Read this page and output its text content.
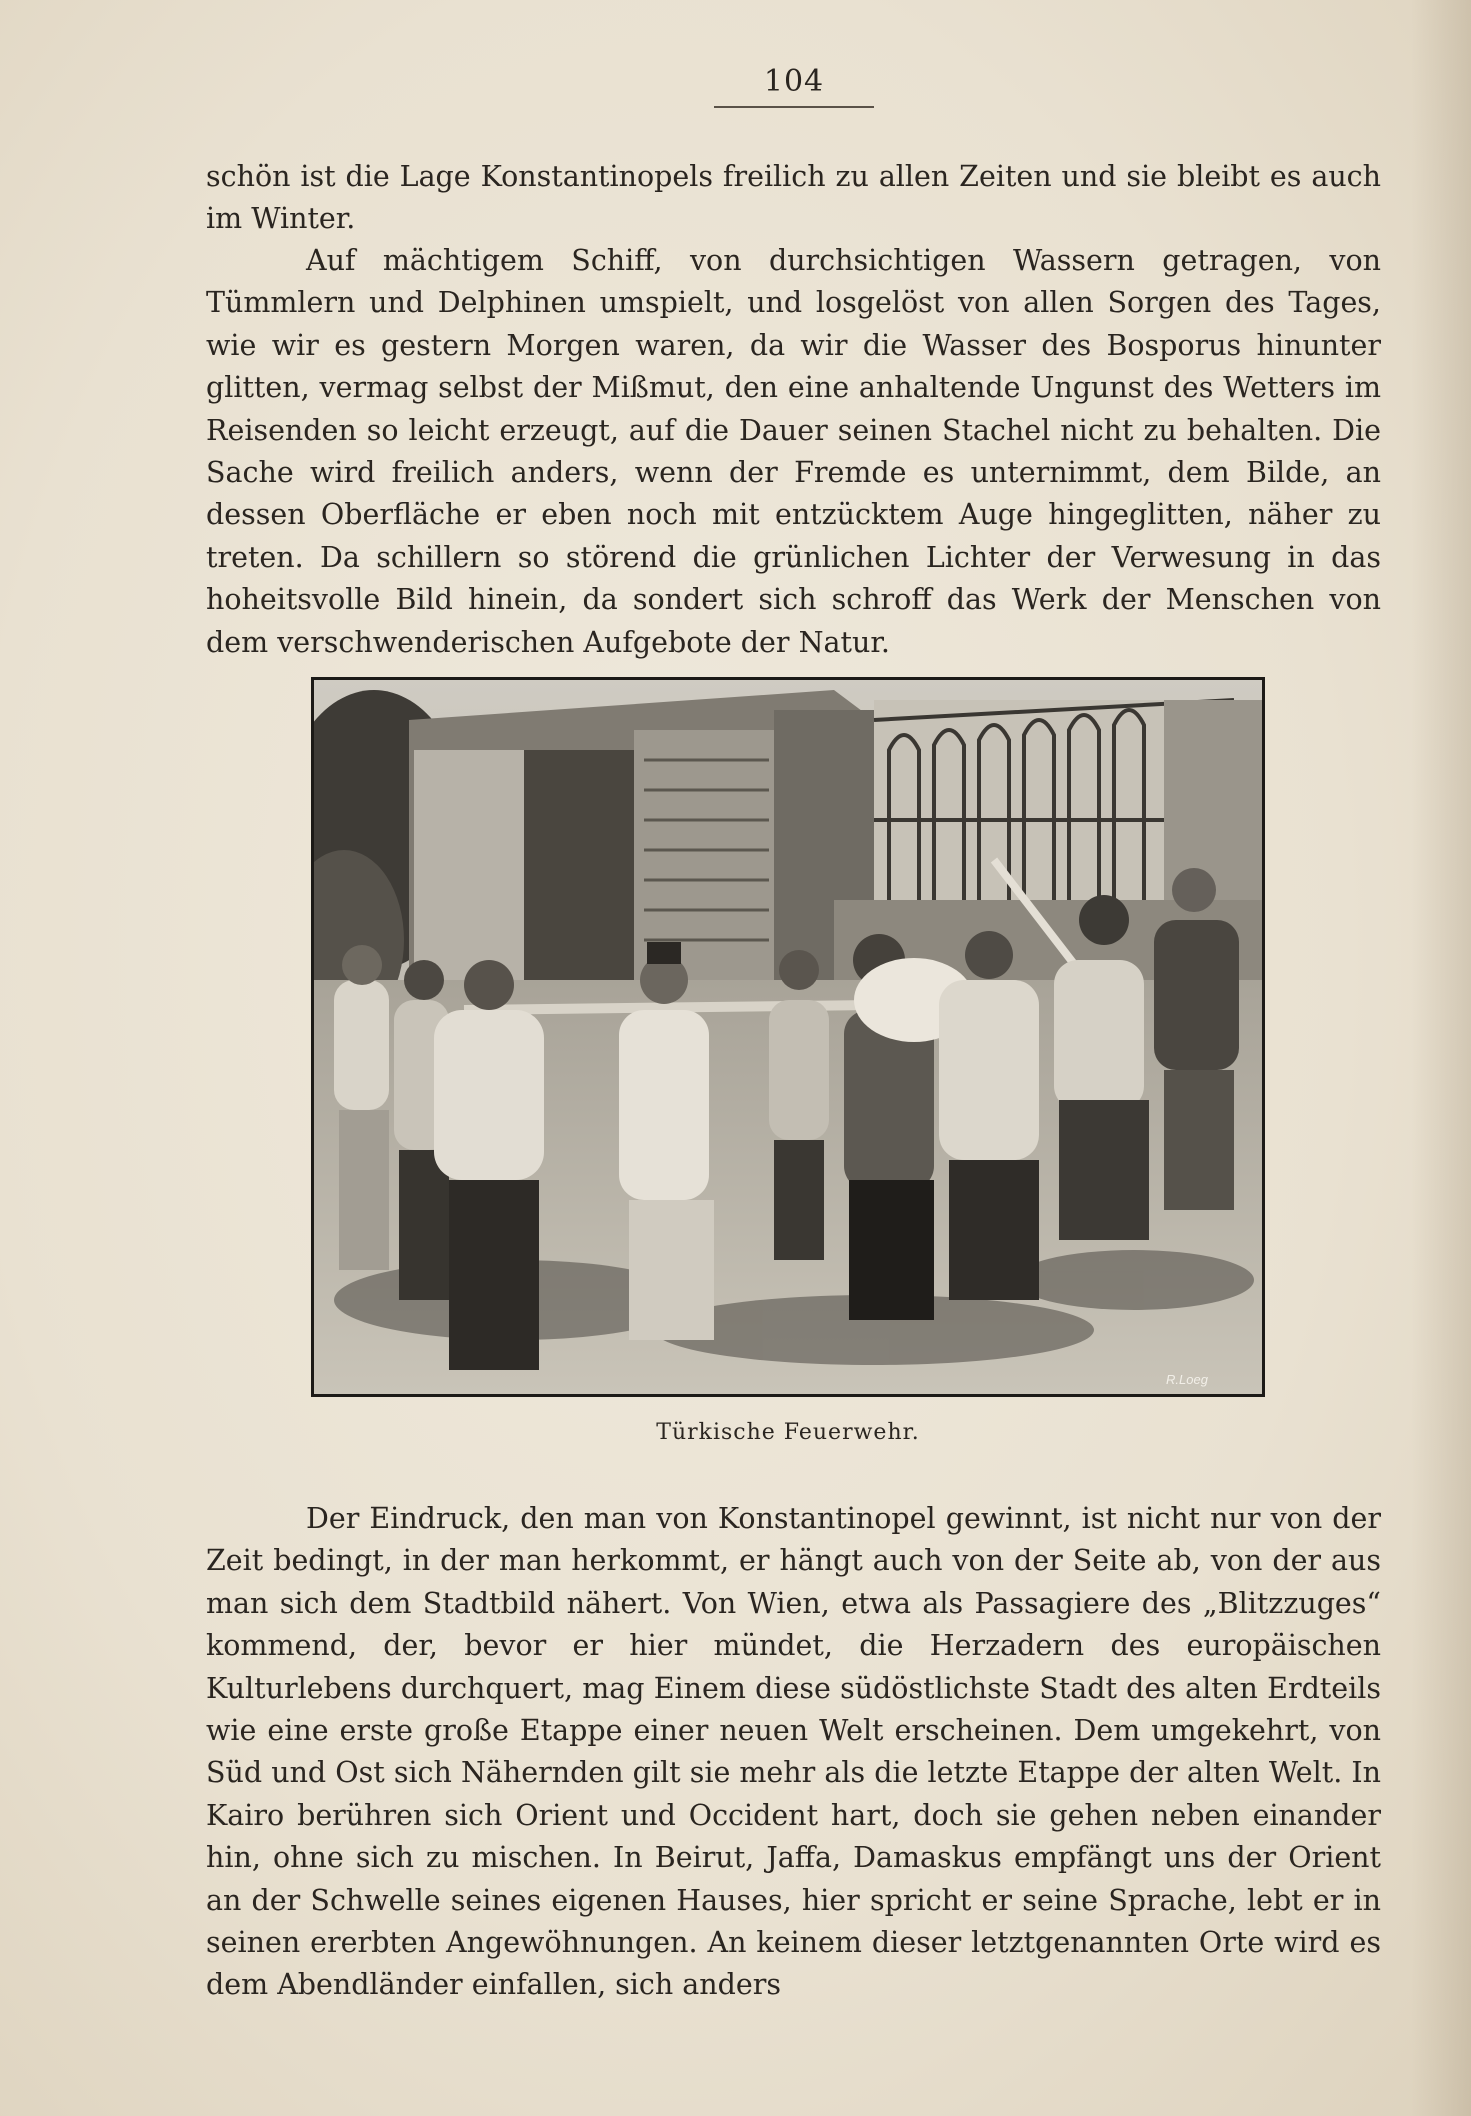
104

schön ist die Lage Konstantinopels freilich zu allen Zeiten und sie bleibt es auch im Winter.

Auf mächtigem Schiff, von durchsichtigen Wassern getragen, von Tümmlern und Delphinen umspielt, und losgelöst von allen Sorgen des Tages, wie wir es gestern Morgen waren, da wir die Wasser des Bosporus hinunter glitten, vermag selbst der Mißmut, den eine anhaltende Ungunst des Wetters im Reisenden so leicht erzeugt, auf die Dauer seinen Stachel nicht zu behalten. Die Sache wird freilich anders, wenn der Fremde es unternimmt, dem Bilde, an dessen Oberfläche er eben noch mit entzücktem Auge hingeglitten, näher zu treten. Da schillern so störend die grünlichen Lichter der Verwesung in das hoheitsvolle Bild hinein, da sondert sich schroff das Werk der Menschen von dem verschwenderischen Aufgebote der Natur.

R.Loeg
Türkische Feuerwehr.

Der Eindruck, den man von Konstantinopel gewinnt, ist nicht nur von der Zeit bedingt, in der man herkommt, er hängt auch von der Seite ab, von der aus man sich dem Stadtbild nähert. Von Wien, etwa als Passagiere des „Blitzzuges“ kommend, der, bevor er hier mündet, die Herzadern des europäischen Kulturlebens durchquert, mag Einem diese südöstlichste Stadt des alten Erdteils wie eine erste große Etappe einer neuen Welt erscheinen. Dem umgekehrt, von Süd und Ost sich Nähernden gilt sie mehr als die letzte Etappe der alten Welt. In Kairo berühren sich Orient und Occident hart, doch sie gehen neben einander hin, ohne sich zu mischen. In Beirut, Jaffa, Damaskus empfängt uns der Orient an der Schwelle seines eigenen Hauses, hier spricht er seine Sprache, lebt er in seinen ererbten Angewöhnungen. An keinem dieser letztgenannten Orte wird es dem Abendländer einfallen, sich anders
